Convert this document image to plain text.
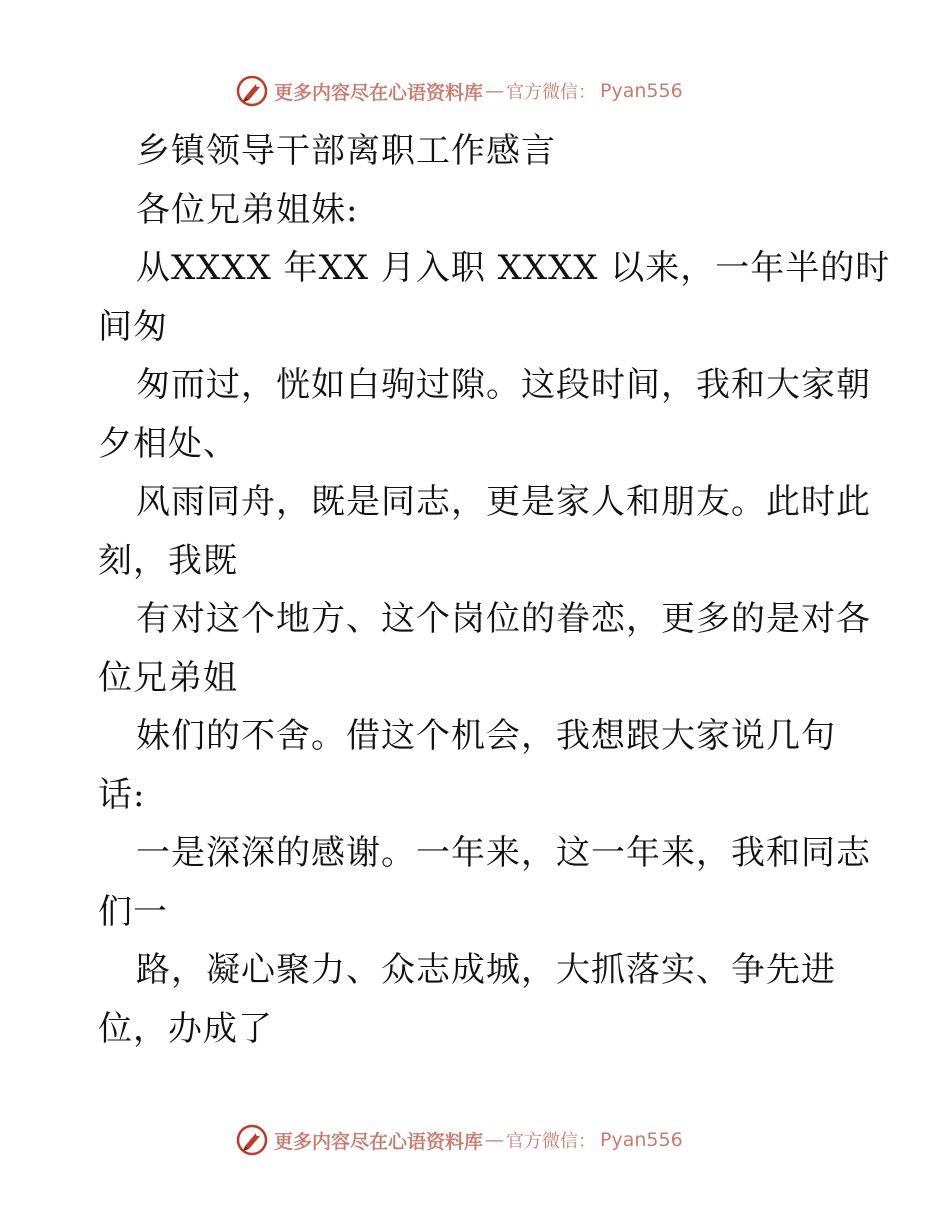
更多内容尽在心语资料库 — 官方微信： Pyan556
乡镇领导干部离职工作感言
各位兄弟姐妹:
从XXXX 年XX 月入职 XXXX 以来，一年半的时
间匆
匆而过，恍如白驹过隙。这段时间，我和大家朝
夕相处、
风雨同舟，既是同志，更是家人和朋友。此时此
刻，我既
有对这个地方、这个岗位的眷恋，更多的是对各
位兄弟姐
妹们的不舍。借这个机会，我想跟大家说几句
话:
一是深深的感谢。一年来，这一年来，我和同志
们一
路，凝心聚力、众志成城，大抓落实、争先进
位，办成了
更多内容尽在心语资料库 — 官方微信： Pyan556
